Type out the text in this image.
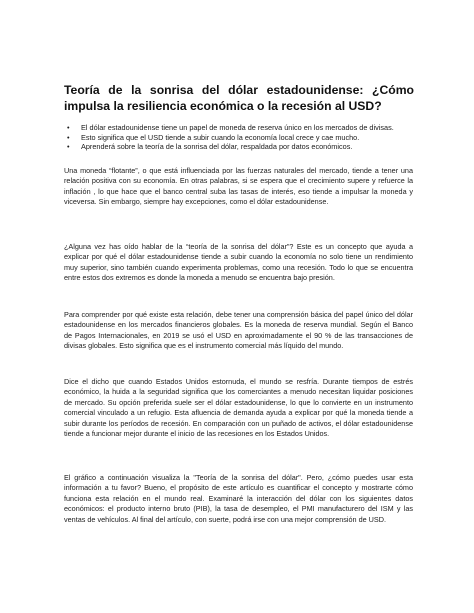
Teoría de la sonrisa del dólar estadounidense: ¿Cómo impulsa la resiliencia económica o la recesión al USD?
• El dólar estadounidense tiene un papel de moneda de reserva único en los mercados de divisas.
• Esto significa que el USD tiende a subir cuando la economía local crece y cae mucho.
• Aprenderá sobre la teoría de la sonrisa del dólar, respaldada por datos económicos.

Una moneda “flotante”, o que está influenciada por las fuerzas naturales del mercado, tiende a tener una relación positiva con su economía. En otras palabras, si se espera que el crecimiento supere y refuerce la inflación , lo que hace que el banco central suba las tasas de interés, eso tiende a impulsar la moneda y viceversa. Sin embargo, siempre hay excepciones, como el dólar estadounidense.

¿Alguna vez has oído hablar de la “teoría de la sonrisa del dólar”? Este es un concepto que ayuda a explicar por qué el dólar estadounidense tiende a subir cuando la economía no solo tiene un rendimiento muy superior, sino también cuando experimenta problemas, como una recesión. Todo lo que se encuentra entre estos dos extremos es donde la moneda a menudo se encuentra bajo presión.

Para comprender por qué existe esta relación, debe tener una comprensión básica del papel único del dólar estadounidense en los mercados financieros globales. Es la moneda de reserva mundial. Según el Banco de Pagos Internacionales, en 2019 se usó el USD en aproximadamente el 90 % de las transacciones de divisas globales. Esto significa que es el instrumento comercial más líquido del mundo.

Dice el dicho que cuando Estados Unidos estornuda, el mundo se resfría. Durante tiempos de estrés económico, la huida a la seguridad significa que los comerciantes a menudo necesitan liquidar posiciones de mercado. Su opción preferida suele ser el dólar estadounidense, lo que lo convierte en un instrumento comercial vinculado a un refugio. Esta afluencia de demanda ayuda a explicar por qué la moneda tiende a subir durante los períodos de recesión. En comparación con un puñado de activos, el dólar estadounidense tiende a funcionar mejor durante el inicio de las recesiones en los Estados Unidos.

El gráfico a continuación visualiza la "Teoría de la sonrisa del dólar". Pero, ¿cómo puedes usar esta información a tu favor? Bueno, el propósito de este artículo es cuantificar el concepto y mostrarte cómo funciona esta relación en el mundo real. Examinaré la interacción del dólar con los siguientes datos económicos: el producto interno bruto (PIB), la tasa de desempleo, el PMI manufacturero del ISM y las ventas de vehículos. Al final del artículo, con suerte, podrá irse con una mejor comprensión de USD.
